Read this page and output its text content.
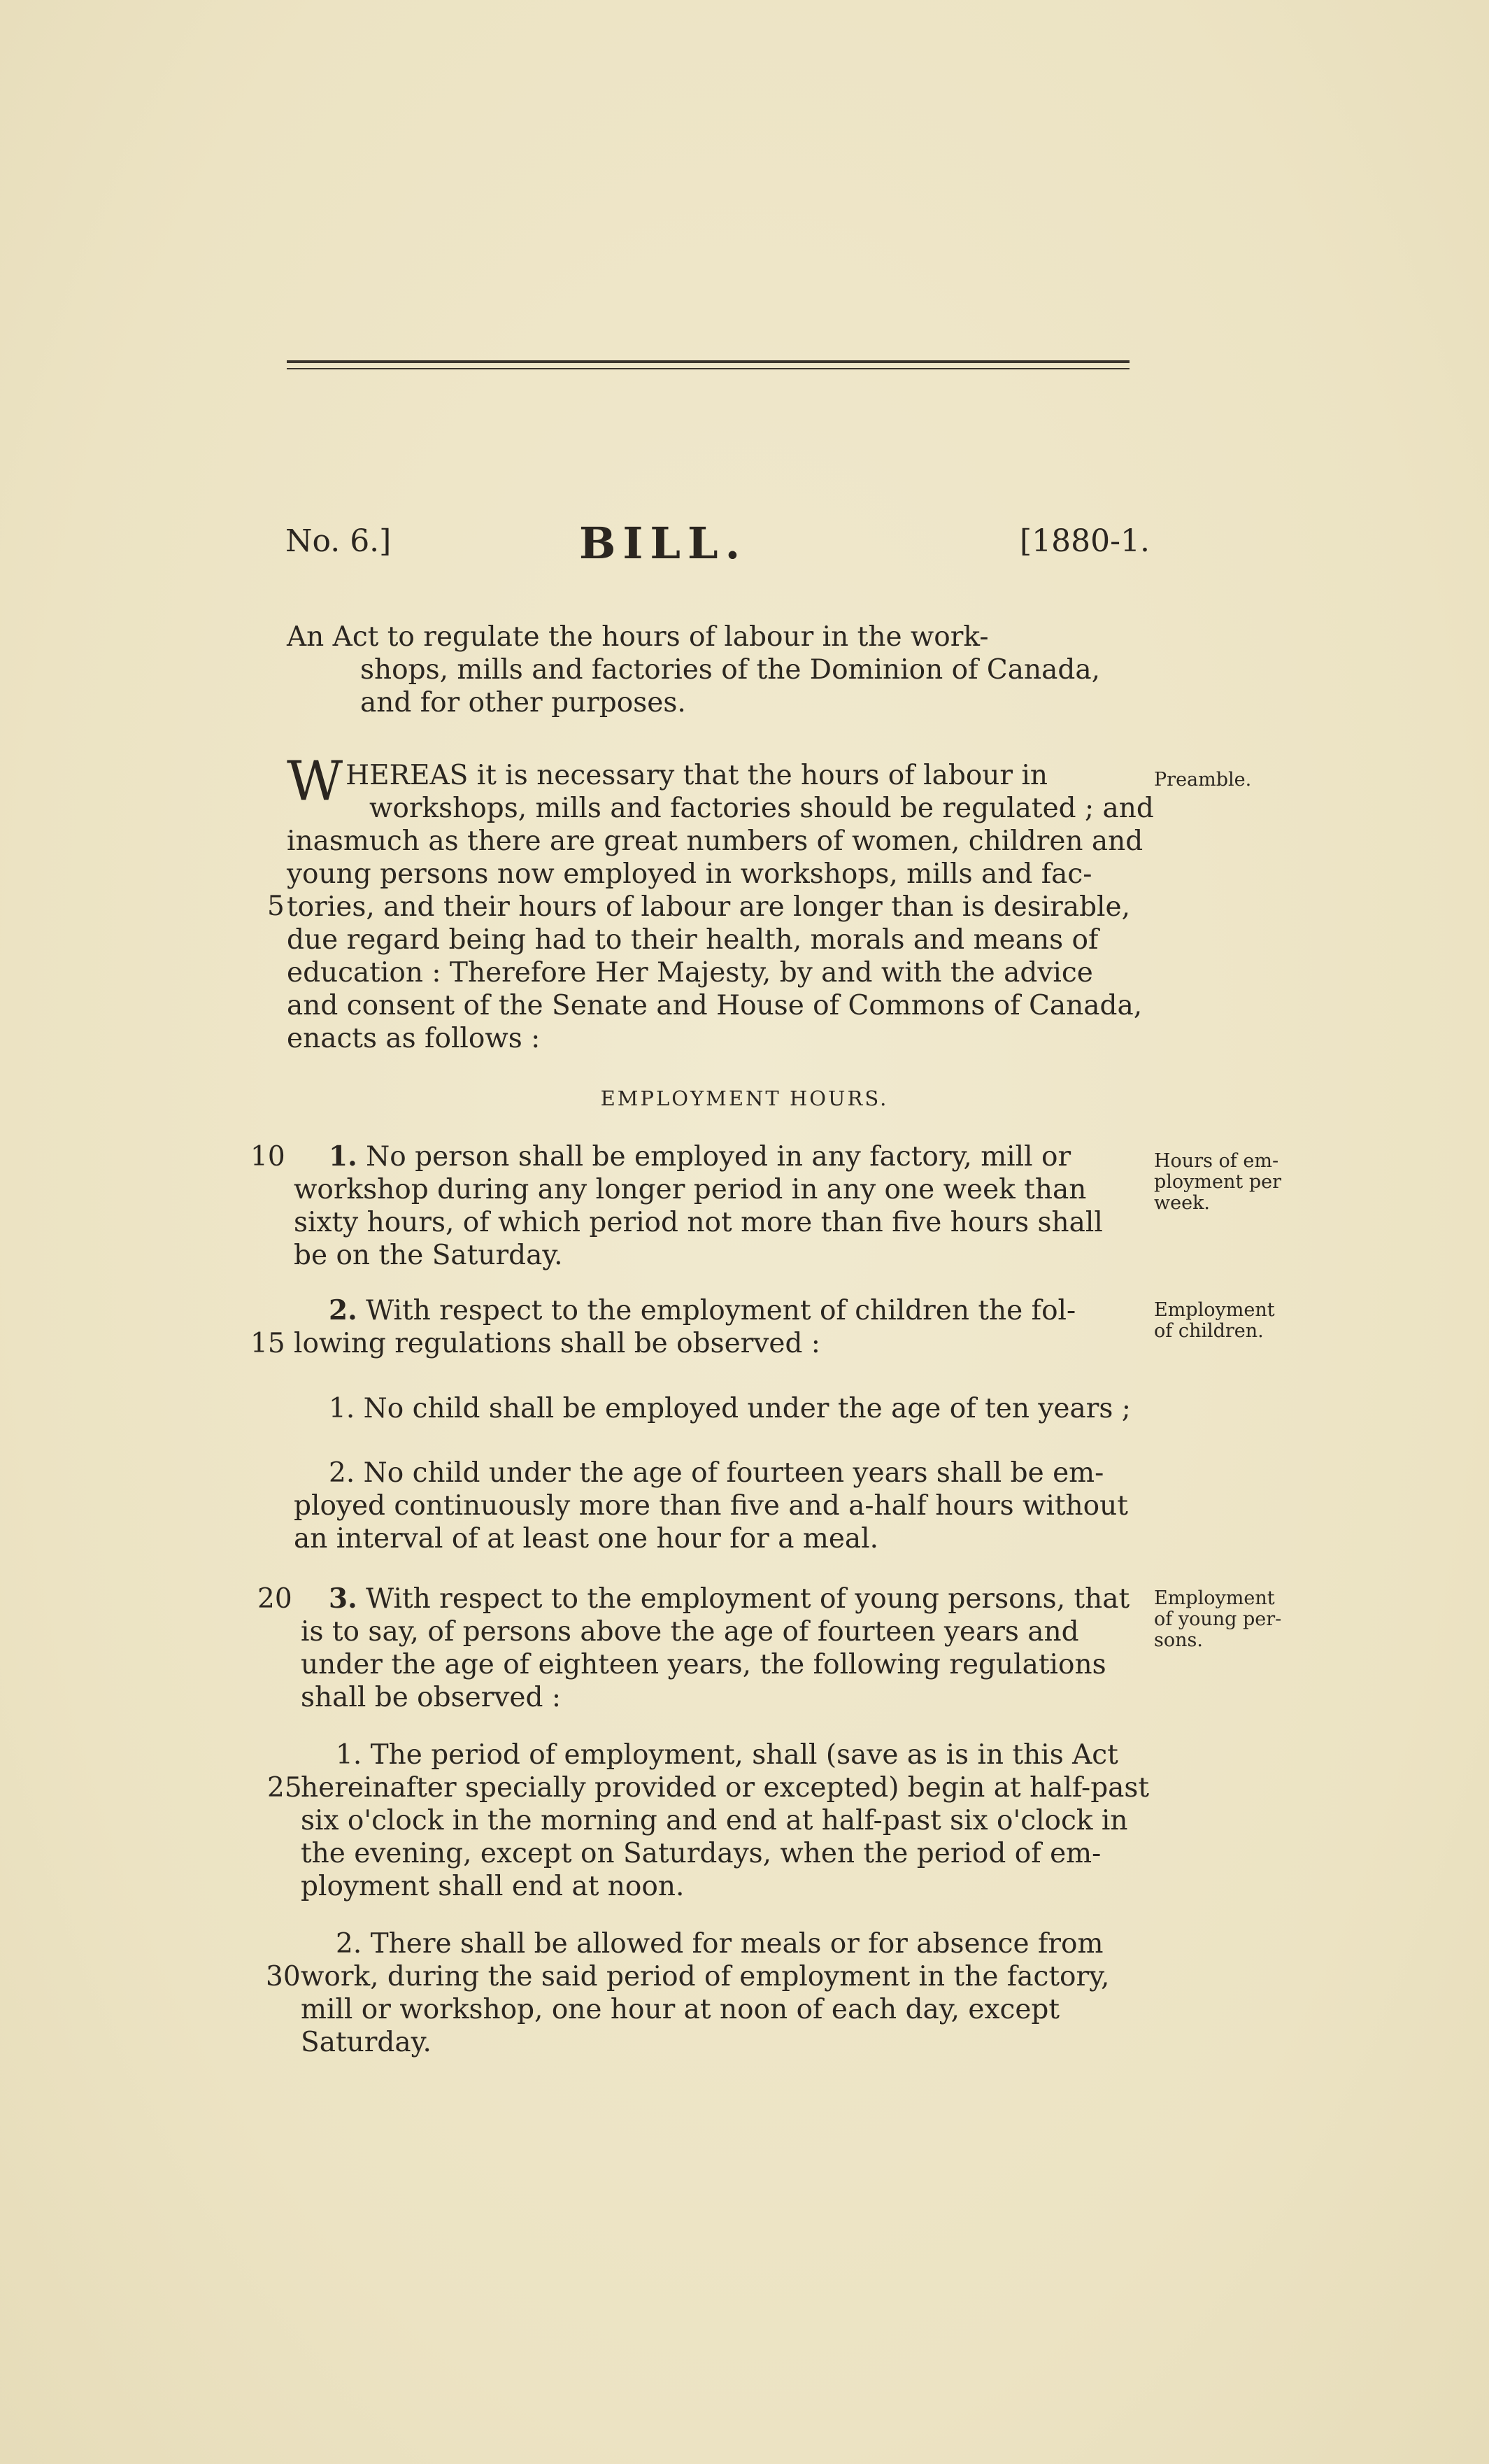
No. 6.]	BILL.	[1880-1.
An Act to regulate the hours of labour in the work-
shops, mills and factories of the Dominion of Canada,
and for other purposes.
W HEREAS it is necessary that the hours of labour in
workshops, mills and factories should be regulated ; and
inasmuch as there are great numbers of women, children and
young persons now employed in workshops, mills and fac-
tories, and their hours of labour are longer than is desirable,
due regard being had to their health, morals and means of
education : Therefore Her Majesty, by and with the advice
and consent of the Senate and House of Commons of Canada,
enacts as follows :
Preamble.
5
EMPLOYMENT HOURS.
10	1. No person shall be employed in any factory, mill or
workshop during any longer period in any one week than
sixty hours, of which period not more than five hours shall
be on the Saturday.
Hours of em-
ployment per
week.
2. With respect to the employment of children the fol-
lowing regulations shall be observed :
15
Employment
of children.
1. No child shall be employed under the age of ten years ;
2. No child under the age of fourteen years shall be em-
ployed continuously more than five and a-half hours without
an interval of at least one hour for a meal.
20	3. With respect to the employment of young persons, that
is to say, of persons above the age of fourteen years and
under the age of eighteen years, the following regulations
shall be observed :
Employment
of young per-
sons.
1. The period of employment, shall (save as is in this Act
hereinafter specially provided or excepted) begin at half-past
six o'clock in the morning and end at half-past six o'clock in
the evening, except on Saturdays, when the period of em-
ployment shall end at noon.
25
2. There shall be allowed for meals or for absence from
work, during the said period of employment in the factory,
mill or workshop, one hour at noon of each day, except
Saturday.
30
